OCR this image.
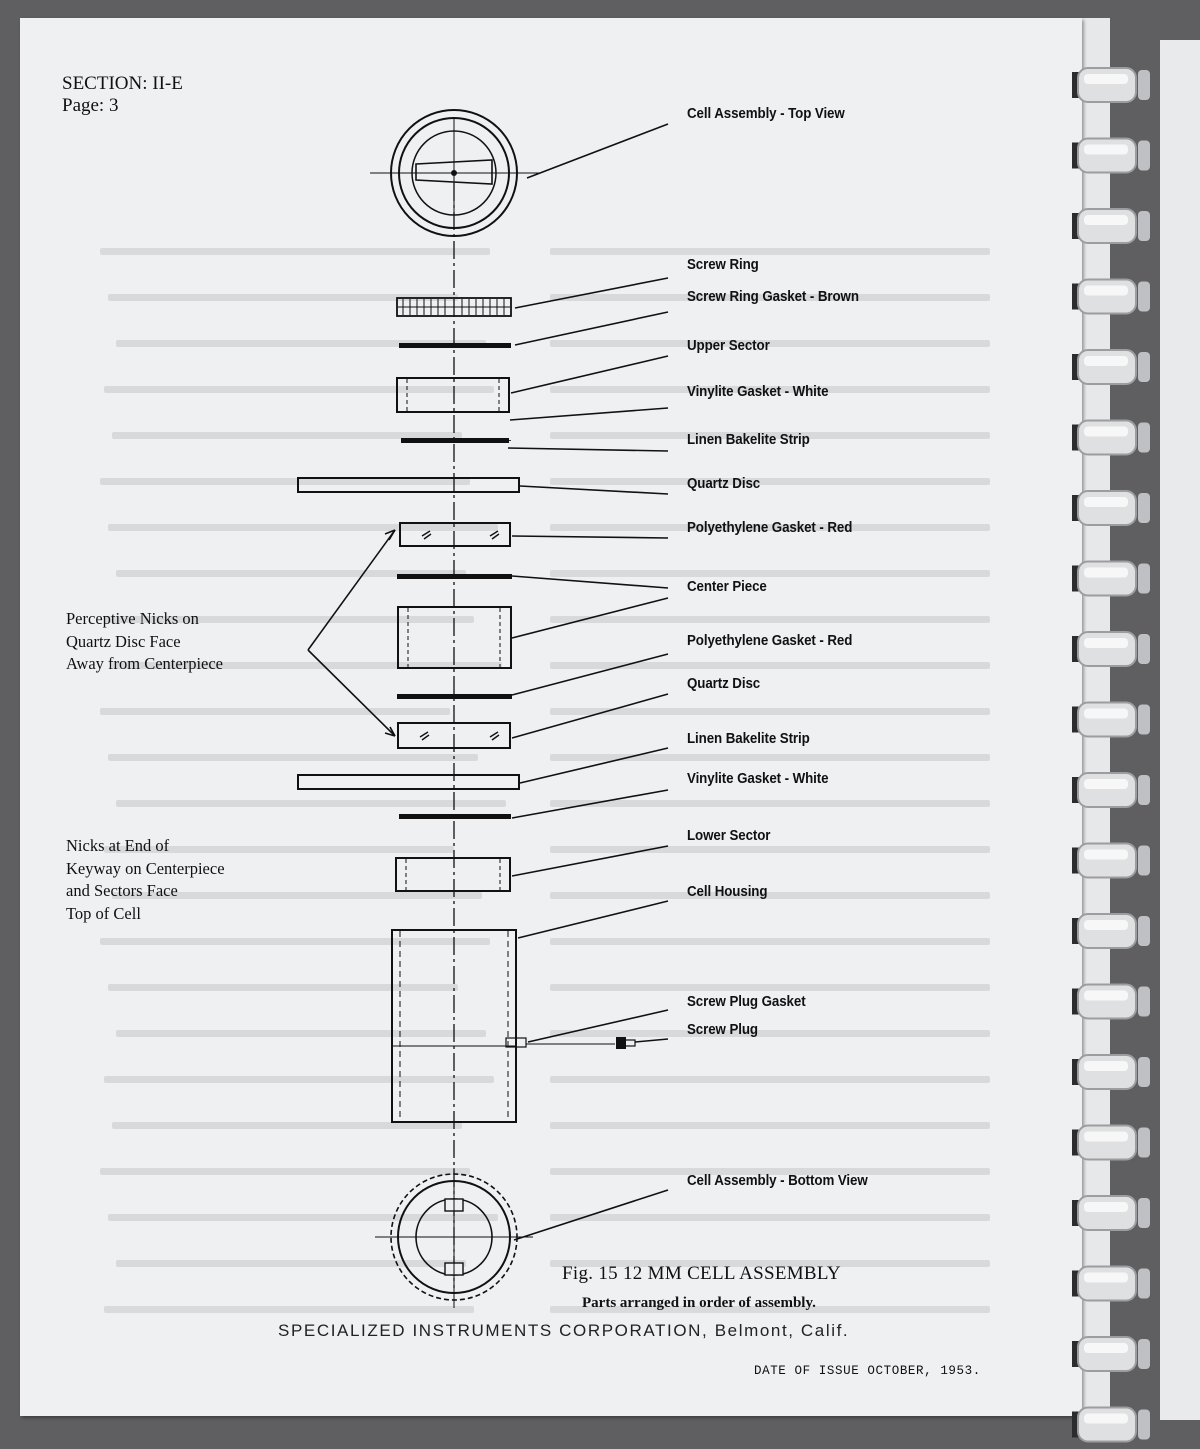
SECTION: II-E
Page: 3	Cell Assembly - Top View
Screw Ring
Screw Ring Gasket - Brown
Upper Sector
Vinylite Gasket - White
Linen Bakelite Strip
Quartz Disc
Polyethylene Gasket - Red
Center Piece
Polyethylene Gasket - Red
Quartz Disc
Linen Bakelite Strip
Vinylite Gasket - White
Lower Sector
Cell Housing
Screw Plug Gasket
Screw Plug
Cell Assembly - Bottom View
Perceptive Nicks on
Quartz Disc Face
Away from Centerpiece
Nicks at End of
Keyway on Centerpiece
and Sectors Face
Top of Cell
Fig. 15 12 MM CELL ASSEMBLY
Parts arranged in order of assembly.
SPECIALIZED INSTRUMENTS CORPORATION, Belmont, Calif.
DATE OF ISSUE OCTOBER, 1953.
